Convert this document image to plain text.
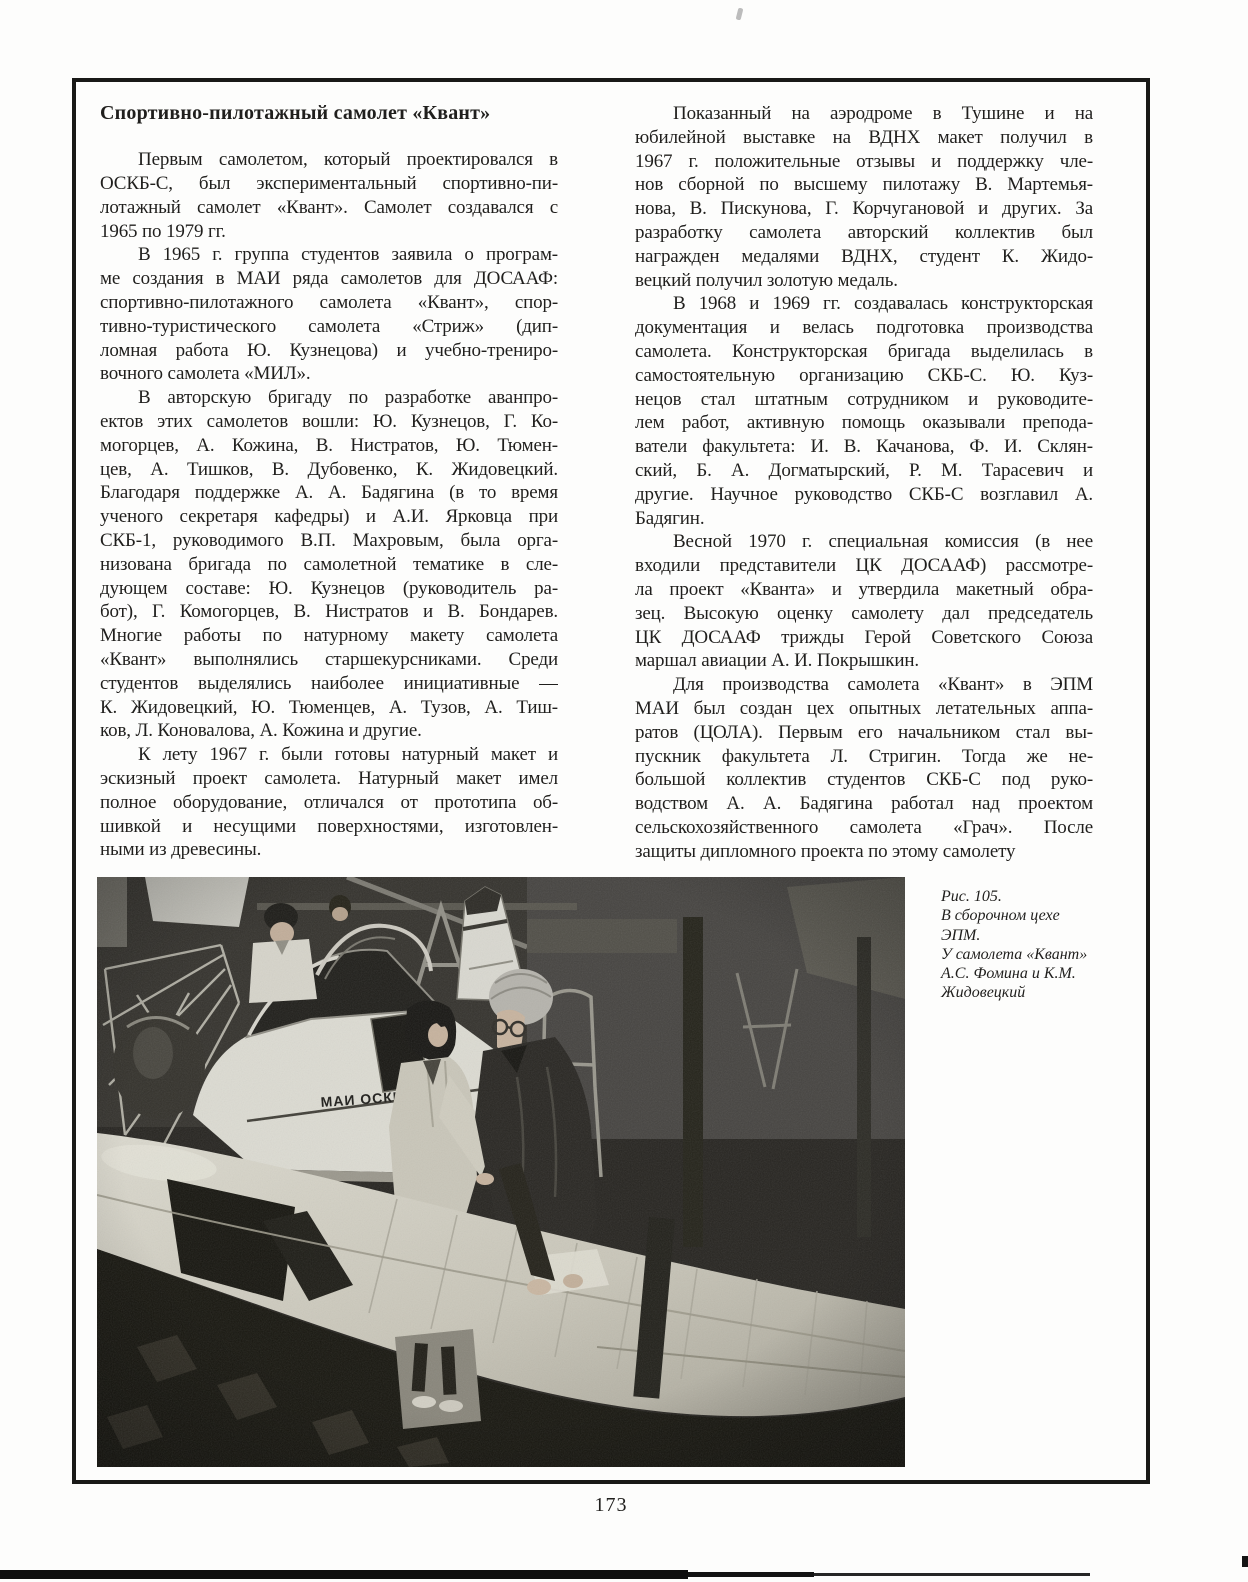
Спортивно-пилотажный самолет «Квант»
Первым самолетом, который проектировался в
ОСКБ-С, был экспериментальный спортивно-пи-
лотажный самолет «Квант». Самолет создавался с
1965 по 1979 гг.
В 1965 г. группа студентов заявила о програм-
ме создания в МАИ ряда самолетов для ДОСААФ:
спортивно-пилотажного самолета «Квант», спор-
тивно-туристического самолета «Стриж» (дип-
ломная работа Ю. Кузнецова) и учебно-трениро-
вочного самолета «МИЛ».
В авторскую бригаду по разработке аванпро-
ектов этих самолетов вошли: Ю. Кузнецов, Г. Ко-
могорцев, А. Кожина, В. Нистратов, Ю. Тюмен-
цев, А. Тишков, В. Дубовенко, К. Жидовецкий.
Благодаря поддержке А. А. Бадягина (в то время
ученого секретаря кафедры) и А.И. Ярковца при
СКБ-1, руководимого В.П. Махровым, была орга-
низована бригада по самолетной тематике в сле-
дующем составе: Ю. Кузнецов (руководитель ра-
бот), Г. Комогорцев, В. Нистратов и В. Бондарев.
Многие работы по натурному макету самолета
«Квант» выполнялись старшекурсниками. Среди
студентов выделялись наиболее инициативные —
К. Жидовецкий, Ю. Тюменцев, А. Тузов, А. Тиш-
ков, Л. Коновалова, А. Кожина и другие.
К лету 1967 г. были готовы натурный макет и
эскизный проект самолета. Натурный макет имел
полное оборудование, отличался от прототипа об-
шивкой и несущими поверхностями, изготовлен-
ными из древесины.
Показанный на аэродроме в Тушине и на
юбилейной выставке на ВДНХ макет получил в
1967 г. положительные отзывы и поддержку чле-
нов сборной по высшему пилотажу В. Мартемья-
нова, В. Пискунова, Г. Корчугановой и других. За
разработку самолета авторский коллектив был
награжден медалями ВДНХ, студент К. Жидо-
вецкий получил золотую медаль.
В 1968 и 1969 гг. создавалась конструкторская
документация и велась подготовка производства
самолета. Конструкторская бригада выделилась в
самостоятельную организацию СКБ-С. Ю. Куз-
нецов стал штатным сотрудником и руководите-
лем работ, активную помощь оказывали препода-
ватели факультета: И. В. Качанова, Ф. И. Склян-
ский, Б. А. Догматырский, Р. М. Тарасевич и
другие. Научное руководство СКБ-С возглавил А.
Бадягин.
Весной 1970 г. специальная комиссия (в нее
входили представители ЦК ДОСААФ) рассмотре-
ла проект «Кванта» и утвердила макетный обра-
зец. Высокую оценку самолету дал председатель
ЦК ДОСААФ трижды Герой Советского Союза
маршал авиации А. И. Покрышкин.
Для производства самолета «Квант» в ЭПМ
МАИ был создан цех опытных летательных аппа-
ратов (ЦОЛА). Первым его начальником стал вы-
пускник факультета Л. Стригин. Тогда же не-
большой коллектив студентов СКБ-С под руко-
водством А. А. Бадягина работал над проектом
сельскохозяйственного самолета «Грач». После
защиты дипломного проекта по этому самолету
Рис. 105.
В сборочном цехе
ЭПМ.
У самолета «Квант»
А.С. Фомина и К.М.
Жидовецкий
173
